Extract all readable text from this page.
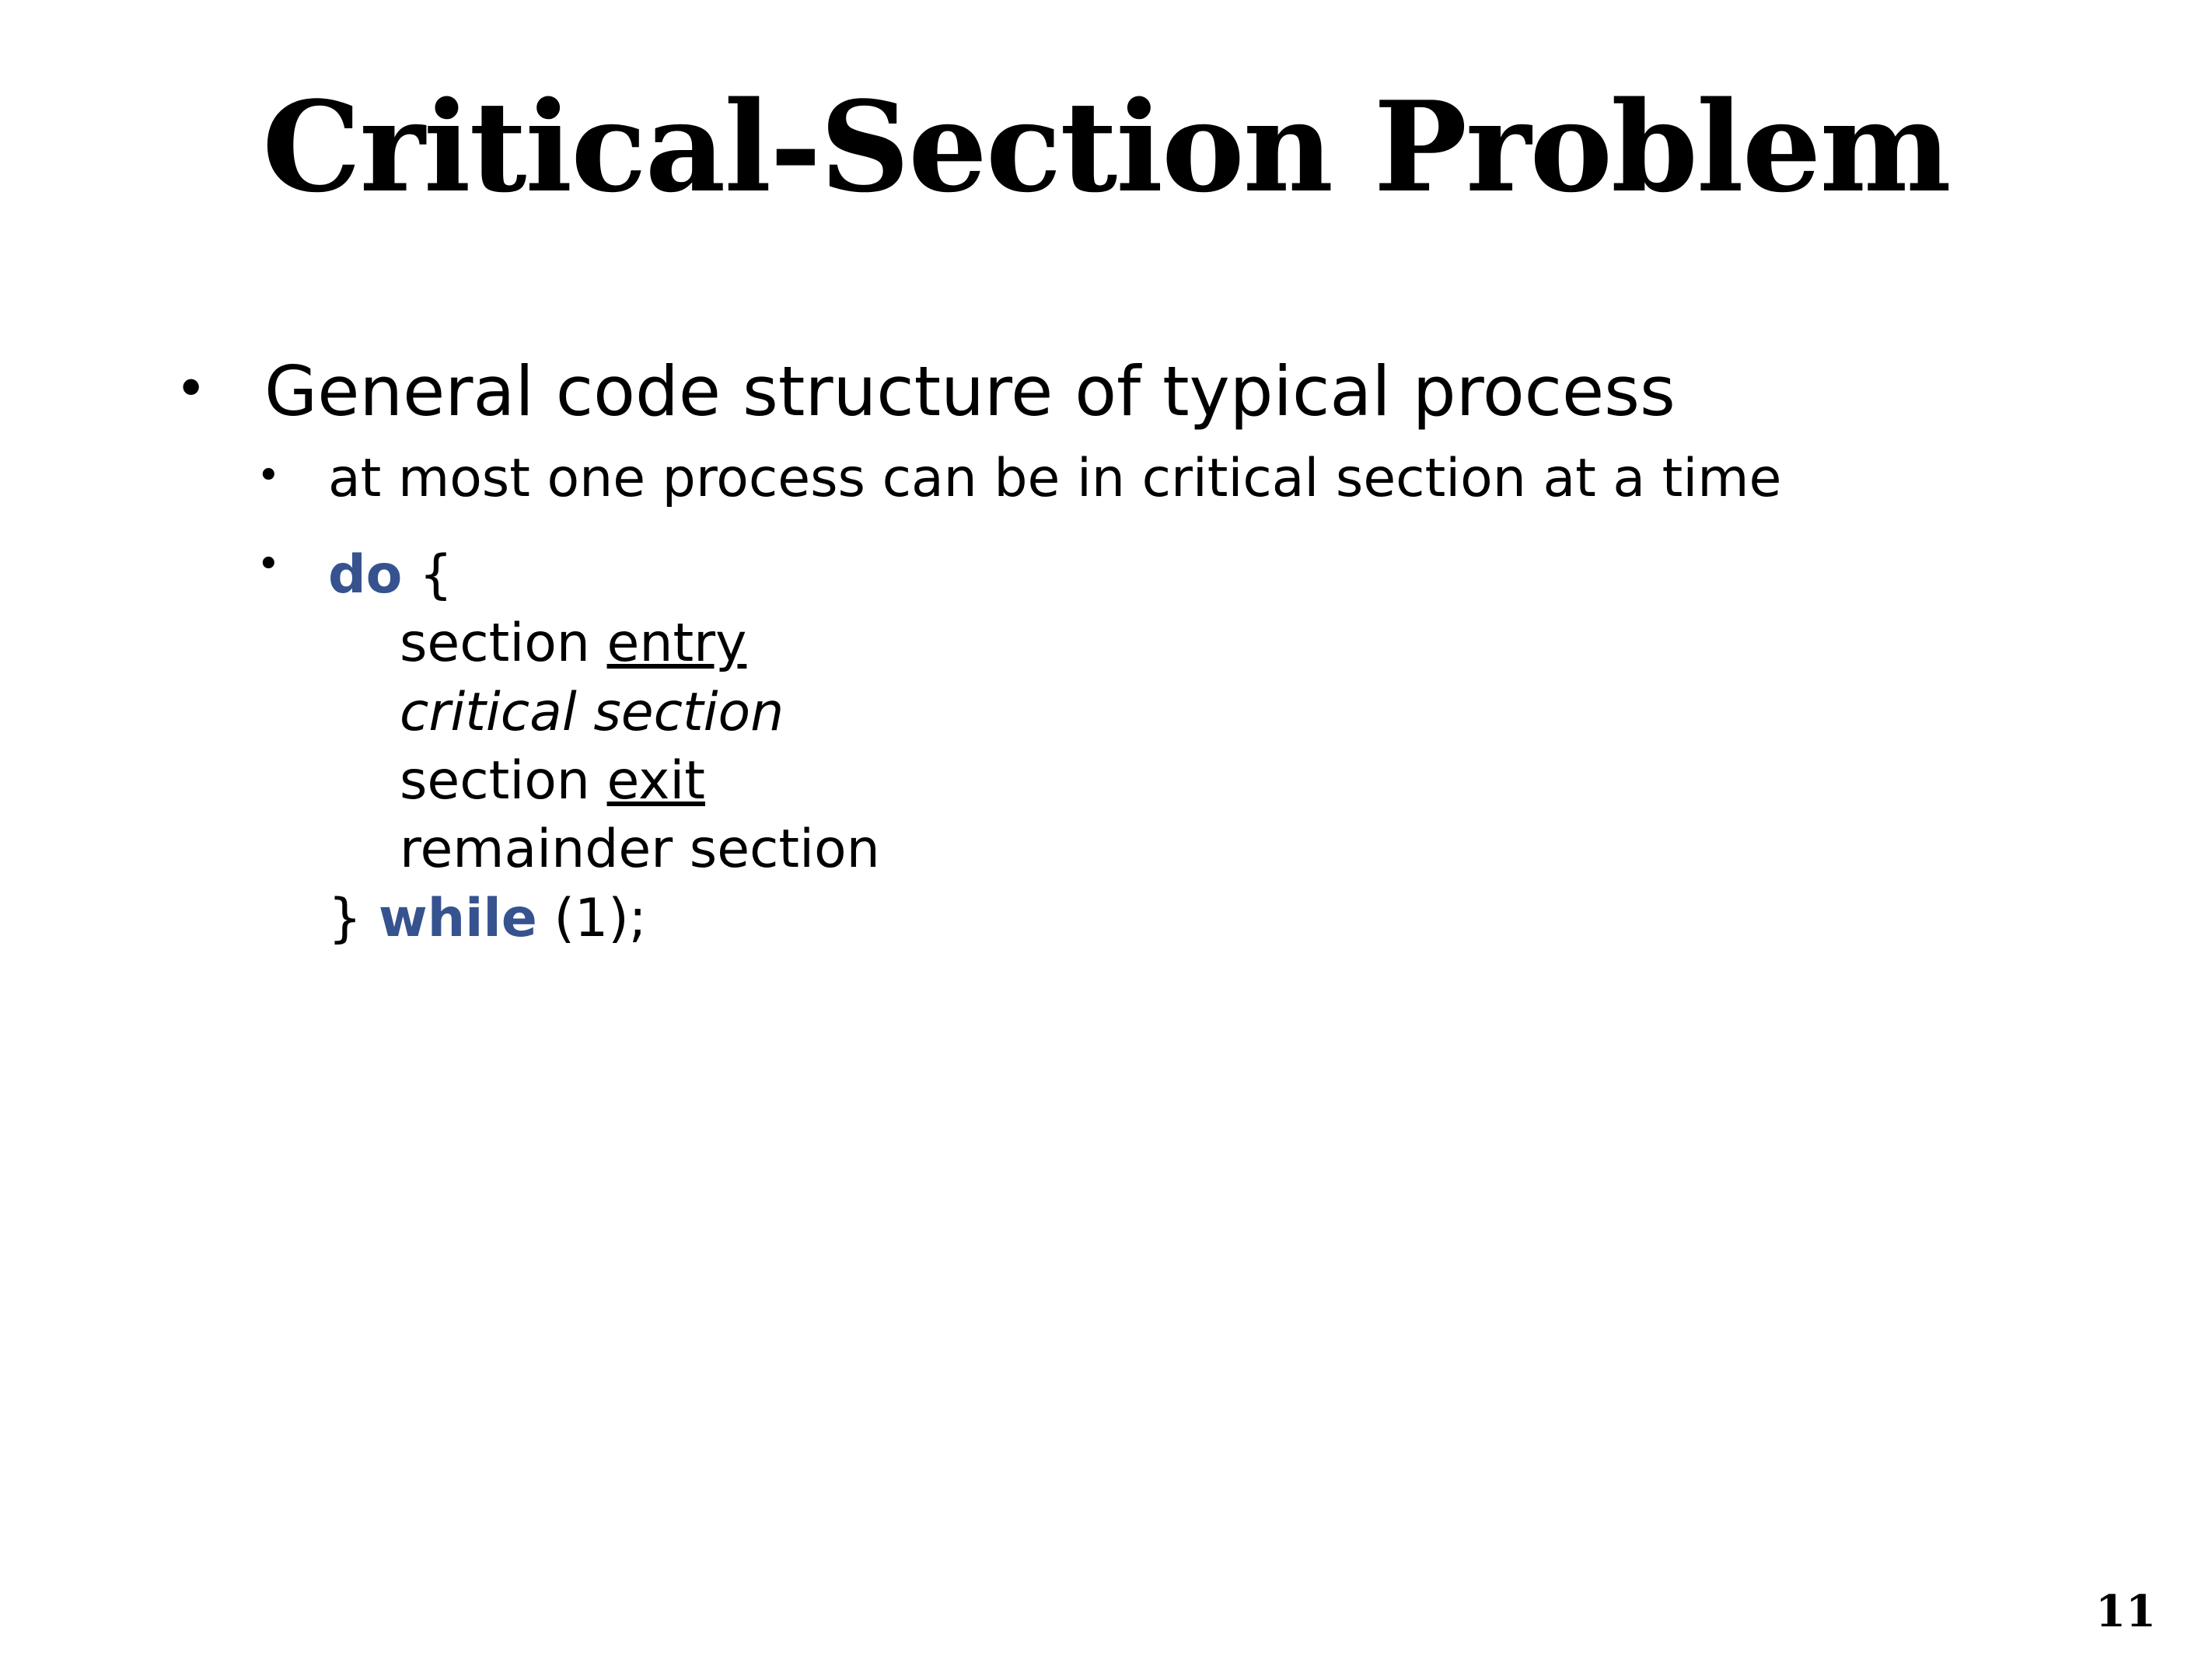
Critical-Section Problem
• General code structure of typical process
• at most one process can be in critical section at a time
• do {
section entry
critical section
section exit
remainder section
} while (1);
11
